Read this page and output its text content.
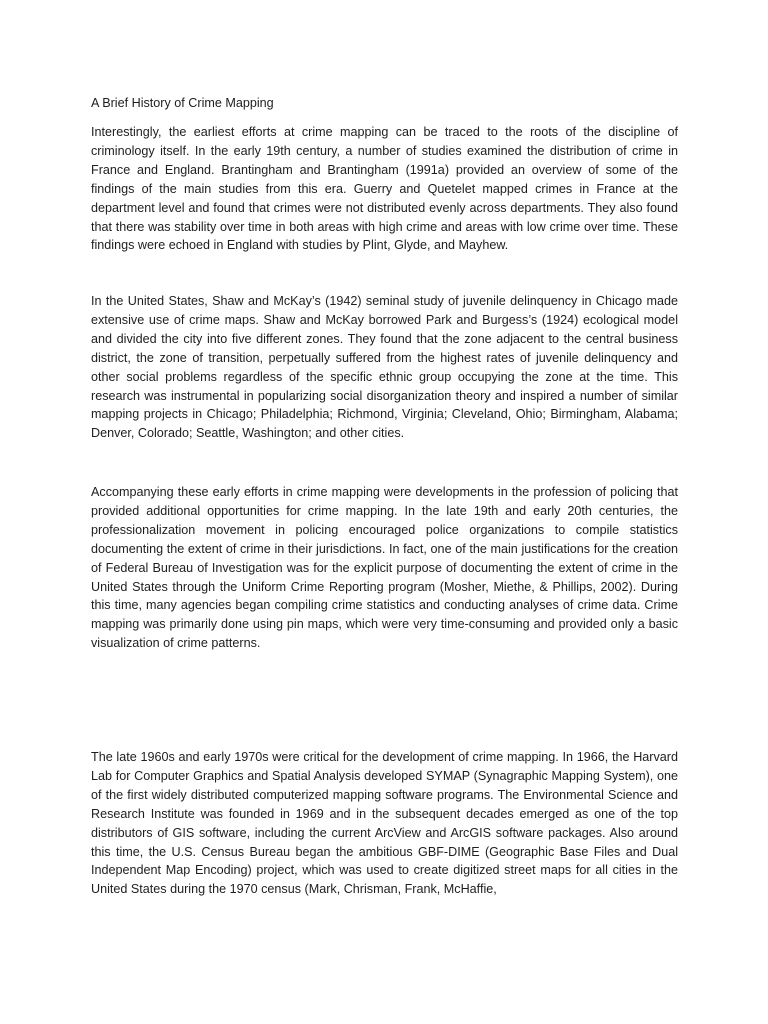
A Brief History of Crime Mapping

Interestingly, the earliest efforts at crime mapping can be traced to the roots of the discipline of criminology itself. In the early 19th century, a number of studies examined the distribution of crime in France and England. Brantingham and Brantingham (1991a) provided an overview of some of the findings of the main studies from this era. Guerry and Quetelet mapped crimes in France at the department level and found that crimes were not distributed evenly across departments. They also found that there was stability over time in both areas with high crime and areas with low crime over time. These findings were echoed in England with studies by Plint, Glyde, and Mayhew.

In the United States, Shaw and McKay’s (1942) seminal study of juvenile delinquency in Chicago made extensive use of crime maps. Shaw and McKay borrowed Park and Burgess’s (1924) ecological model and divided the city into five different zones. They found that the zone adjacent to the central business district, the zone of transition, perpetually suffered from the highest rates of juvenile delinquency and other social problems regardless of the specific ethnic group occupying the zone at the time. This research was instrumental in popularizing social disorganization theory and inspired a number of similar mapping projects in Chicago; Philadelphia; Richmond, Virginia; Cleveland, Ohio; Birmingham, Alabama; Denver, Colorado; Seattle, Washington; and other cities.

Accompanying these early efforts in crime mapping were developments in the profession of policing that provided additional opportunities for crime mapping. In the late 19th and early 20th centuries, the professionalization movement in policing encouraged police organizations to compile statistics documenting the extent of crime in their jurisdictions. In fact, one of the main justifications for the creation of Federal Bureau of Investigation was for the explicit purpose of documenting the extent of crime in the United States through the Uniform Crime Reporting program (Mosher, Miethe, & Phillips, 2002). During this time, many agencies began compiling crime statistics and conducting analyses of crime data. Crime mapping was primarily done using pin maps, which were very time-consuming and provided only a basic visualization of crime patterns.

The late 1960s and early 1970s were critical for the development of crime mapping. In 1966, the Harvard Lab for Computer Graphics and Spatial Analysis developed SYMAP (Synagraphic Mapping System), one of the first widely distributed computerized mapping software programs. The Environmental Science and Research Institute was founded in 1969 and in the subsequent decades emerged as one of the top distributors of GIS software, including the current ArcView and ArcGIS software packages. Also around this time, the U.S. Census Bureau began the ambitious GBF-DIME (Geographic Base Files and Dual Independent Map Encoding) project, which was used to create digitized street maps for all cities in the United States during the 1970 census (Mark, Chrisman, Frank, McHaffie,
